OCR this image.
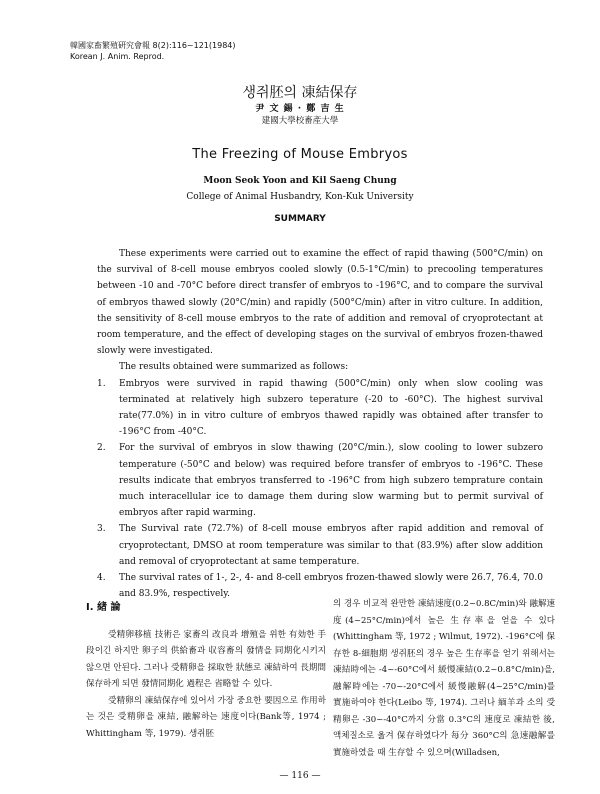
韓國家畜繁殖硏究會報 8(2):116~121(1984)
Korean J. Anim. Reprod.
생쥐胚의 凍結保存
尹 文 錫 · 鄭 吉 生
建國大學校畜產大學
The Freezing of Mouse Embryos
Moon Seok Yoon and Kil Saeng Chung
College of Animal Husbandry, Kon-Kuk University
SUMMARY

These experiments were carried out to examine the effect of rapid thawing (500°C/min) on the survival of 8-cell mouse embryos cooled slowly (0.5-1°C/min) to precooling temperatures between -10 and -70°C before direct transfer of embryos to -196°C, and to compare the survival of embryos thawed slowly (20°C/min) and rapidly (500°C/min) after in vitro culture. In addition, the sensitivity of 8-cell mouse embryos to the rate of addition and removal of cryoprotectant at room temperature, and the effect of developing stages on the survival of embryos frozen-thawed slowly were investigated.

The results obtained were summarized as follows:

1.	Embryos were survived in rapid thawing (500°C/min) only when slow cooling was terminated at relatively high subzero teperature (-20 to -60°C). The highest survival rate(77.0%) in in vitro culture of embryos thawed rapidly was obtained after transfer to -196°C from -40°C.
2.	For the survival of embryos in slow thawing (20°C/min.), slow cooling to lower subzero temperature (-50°C and below) was required before transfer of embryos to -196°C. These results indicate that embryos transferred to -196°C from high subzero temprature contain much interacellular ice to damage them during slow warming but to permit survival of embryos after rapid warming.
3.	The Survival rate (72.7%) of 8-cell mouse embryos after rapid addition and removal of cryoprotectant, DMSO at room temperature was similar to that (83.9%) after slow addition and removal of cryoprotectant at same temperature.
4.	The survival rates of 1-, 2-, 4- and 8-cell embryos frozen-thawed slowly were 26.7, 76.4, 70.0 and 83.9%, respectively.

Ⅰ. 緖 論

受精卵移植 技術은 家畜의 改良과 增殖을 위한 有効한 手段이긴 하지만 卵子의 供給畜과 収容畜의 發情을 同期化시키지 않으면 안된다. 그러나 受精卵을 採取한 狀態로 凍結하여 長期間 保存하게 되면 發情同期化 過程은 省略할 수 있다.

受精卵의 凍結保存에 있어서 가장 중요한 要因으로 作用하는 것은 受精卵을 凍結, 融解하는 速度이다(Bank等, 1974 ; Whittingham 等, 1979). 생쥐胚

의 경우 비교적 완만한 凍結速度(0.2~0.8C/min)와 融解速度(4~25°C/min)에서 높은 生存率을 얻을 수 있다(Whittingham 等, 1972 ; Wilmut, 1972). -196°C에 保存한 8-細胞期 생쥐胚의 경우 높은 生存率을 얻기 위해서는 凍結時에는 -4~-60°C에서 緩慢凍結(0.2~0.8°C/min)을, 融解時에는 -70~-20°C에서 緩慢融解(4~25°C/min)를 實施하여야 한다(Leibo 等, 1974). 그러나 緬羊과 소의 受精卵은 -30~-40°C까지 分當 0.3°C의 速度로 凍結한 後, 액체질소로 옮겨 保存하였다가 每分 360°C의 急速融解를 實施하였을 때 生存할 수 있으며(Willadsen,

— 116 —
